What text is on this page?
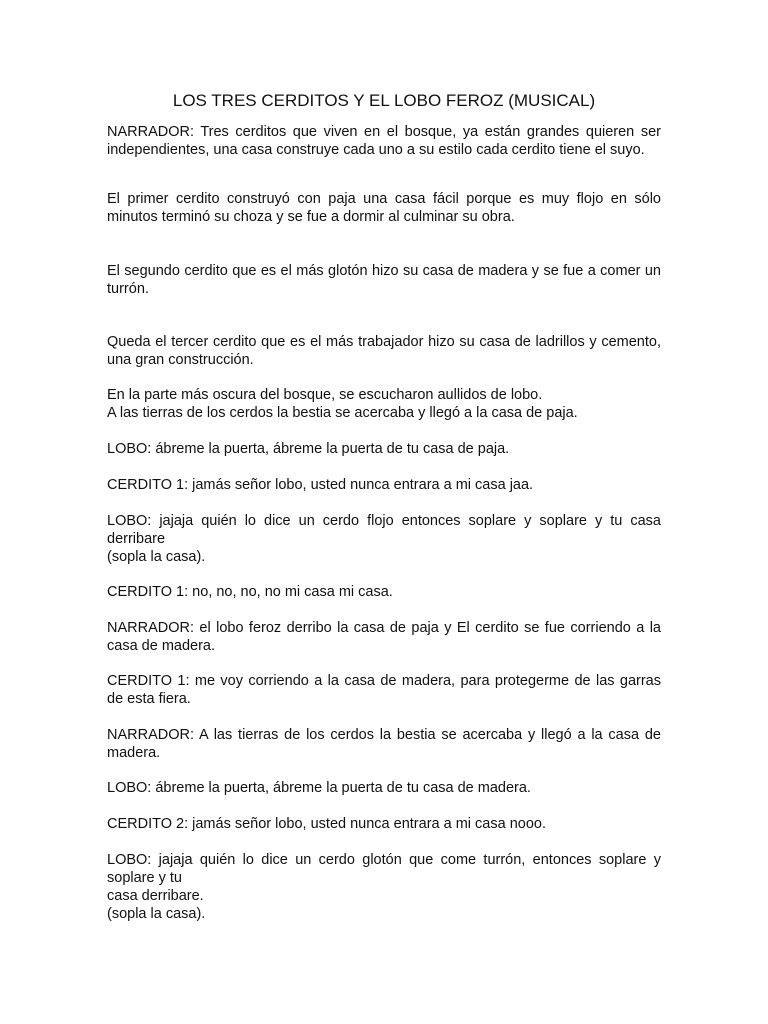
LOS TRES CERDITOS Y EL LOBO FEROZ (MUSICAL)

NARRADOR: Tres cerditos que viven en el bosque, ya están grandes quieren ser independientes, una casa construye cada uno a su estilo cada cerdito tiene el suyo.

El primer cerdito construyó con paja una casa fácil porque es muy flojo en sólo minutos terminó su choza y se fue a dormir al culminar su obra.

El segundo cerdito que es el más glotón hizo su casa de madera y se fue a comer un turrón.

Queda el tercer cerdito que es el más trabajador hizo su casa de ladrillos y cemento, una gran construcción.

En la parte más oscura del bosque, se escucharon aullidos de lobo.
A las tierras de los cerdos la bestia se acercaba y llegó a la casa de paja.

LOBO: ábreme la puerta, ábreme la puerta de tu casa de paja.

CERDITO 1: jamás señor lobo, usted nunca entrara a mi casa jaa.

LOBO: jajaja quién lo dice un cerdo flojo entonces soplare y soplare y tu casa derribare
(sopla la casa).

CERDITO 1: no, no, no, no mi casa mi casa.

NARRADOR: el lobo feroz derribo la casa de paja y El cerdito se fue corriendo a la casa de madera.

CERDITO 1: me voy corriendo a la casa de madera, para protegerme de las garras de esta fiera.

NARRADOR: A las tierras de los cerdos la bestia se acercaba y llegó a la casa de madera.

LOBO: ábreme la puerta, ábreme la puerta de tu casa de madera.

CERDITO 2: jamás señor lobo, usted nunca entrara a mi casa nooo.

LOBO: jajaja quién lo dice un cerdo glotón que come turrón, entonces soplare y soplare y tu
casa derribare.
(sopla la casa).
